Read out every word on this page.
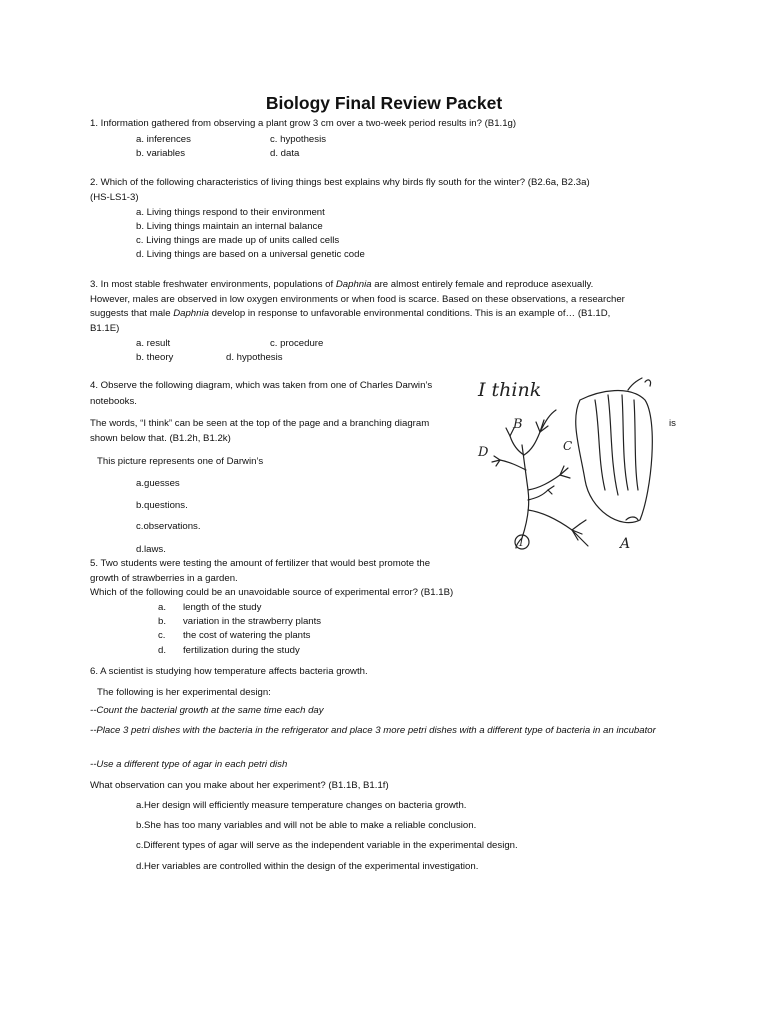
Biology Final Review Packet
1. Information gathered from observing a plant grow 3 cm over a two-week period results in? (B1.1g)
a. inferences	c. hypothesis
b. variables	d. data
2. Which of the following characteristics of living things best explains why birds fly south for the winter? (B2.6a, B2.3a)
(HS-LS1-3)
a. Living things respond to their environment
b. Living things maintain an internal balance
c. Living things are made up of units called cells
d. Living things are based on a universal genetic code
3. In most stable freshwater environments, populations of Daphnia are almost entirely female and reproduce asexually.
However, males are observed in low oxygen environments or when food is scarce. Based on these observations, a researcher
suggests that male Daphnia develop in response to unfavorable environmental conditions. This is an example of… (B1.1D,
B1.1E)
a. result	c. procedure
b. theory	d. hypothesis
4. Observe the following diagram, which was taken from one of Charles Darwin’s
notebooks.
The words, “I think” can be seen at the top of the page and a branching diagram	is
shown below that. (B1.2h, B1.2k)
This picture represents one of Darwin’s
a.guesses
b.questions.
c.observations.
d.laws.
I think
B
C
D
1	A
5. Two students were testing the amount of fertilizer that would best promote the
growth of strawberries in a garden.
Which of the following could be an unavoidable source of experimental error? (B1.1B)
a. length of the study
b. variation in the strawberry plants
c. the cost of watering the plants
d. fertilization during the study
6. A scientist is studying how temperature affects bacteria growth.
The following is her experimental design:
--Count the bacterial growth at the same time each day
--Place 3 petri dishes with the bacteria in the refrigerator and place 3 more petri dishes with a different type of bacteria in an incubator
--Use a different type of agar in each petri dish
What observation can you make about her experiment? (B1.1B, B1.1f)
a.Her design will efficiently measure temperature changes on bacteria growth.
b.She has too many variables and will not be able to make a reliable conclusion.
c.Different types of agar will serve as the independent variable in the experimental design.
d.Her variables are controlled within the design of the experimental investigation.
